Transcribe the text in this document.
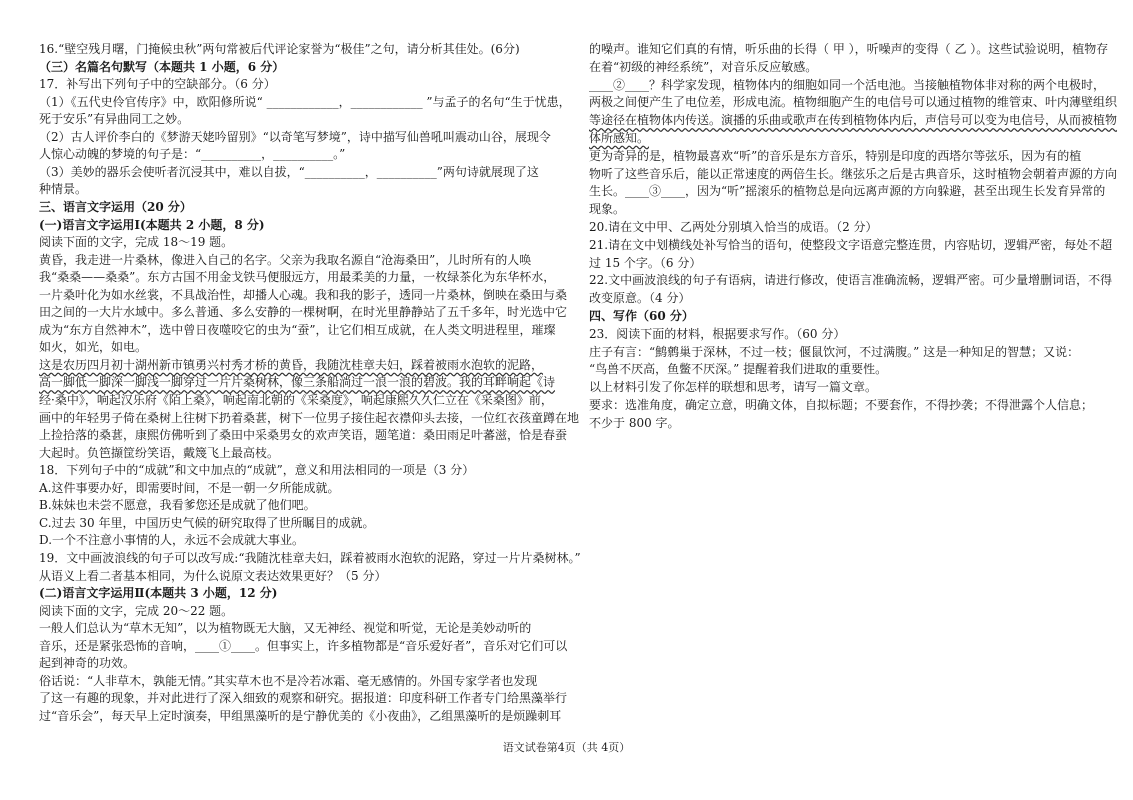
16.“壁空残月曙，门掩候虫秋”两句常被后代评论家誉为“极佳”之句，请分析其佳处。(6分)
（三）名篇名句默写（本题共 1 小题，6 分）
17．补写出下列句子中的空缺部分。（6 分）
（1）《五代史伶官传序》中，欧阳修所说“ ____________，____________ ”与孟子的名句“生于忧患，
死于安乐”有异曲同工之妙。
（2）古人评价李白的《梦游天姥吟留别》“以奇笔写梦境”，诗中描写仙兽吼叫震动山谷，展现令
人惊心动魄的梦境的句子是：“__________，__________。”
（3）美妙的器乐会使听者沉浸其中，难以自拔，“__________，__________”两句诗就展现了这
种情景。
三、语言文字运用（20 分）
(一)语言文字运用Ⅰ(本题共 2 小题，8 分)
阅读下面的文字，完成 18～19 题。
黄昏，我走进一片桑林，像进入自己的名字。父亲为我取名源自“沧海桑田”，儿时所有的人唤
我“桑桑——桑桑”。东方古国不用金戈铁马便服远方，用最柔美的力量，一枚绿茶化为东华杯水，
一片桑叶化为如水丝裳，不具战治性，却播人心魂。我和我的影子，透同一片桑林，倒映在桑田与桑
田之间的一大片水域中。多么普通、多么安静的一棵树啊，在时光里静静站了五千多年，时光选中它
成为“东方自然神木”，选中曾日夜噬咬它的虫为“蚕”，让它们相互成就，在人类文明进程里，璀璨
如火，如光，如电。
这是农历四月初十湖州新市镇勇兴村秀才桥的黄昏，我随沈桂章夫妇，踩着被雨水泡软的泥路，
高一脚低一脚深一脚浅一脚穿过一片片桑树林，像三条船淌过一浪一浪的碧波。我的耳畔响起《诗
经·桑中》，响起汉乐府《陌上桑》，响起南北朝的《采桑度》，响起康熙久久仁立在《采桑图》前，
画中的年轻男子倚在桑树上往树下扔着桑葚，树下一位男子接住起衣襟仰头去接，一位红衣孩童蹲在地
上捡拾落的桑葚，康熙仿佛听到了桑田中采桑男女的欢声笑语，题笔道：桑田雨足叶蕃滋，恰是春蚕
大起时。负笆撷筐纷笑语，戴篾飞上最高枝。
18．下列句子中的“成就”和文中加点的“成就”，意义和用法相同的一项是（3 分）
A.这件事要办好，即需要时间，不是一朝一夕所能成就。
B.妹妹也未尝不愿意，我看爹您还是成就了他们吧。
C.过去 30 年里，中国历史气候的研究取得了世所瞩目的成就。
D.一个不注意小事情的人，永远不会成就大事业。
19．文中画波浪线的句子可以改写成:“我随沈桂章夫妇，踩着被雨水泡软的泥路，穿过一片片桑树林。”
从语义上看二者基本相同，为什么说原文表达效果更好？（5 分）
(二)语言文字运用Ⅱ(本题共 3 小题，12 分)
阅读下面的文字，完成 20～22 题。
一般人们总认为“草木无知”，以为植物既无大脑，又无神经、视觉和听觉，无论是美妙动听的
音乐，还是紧张恐怖的音响，____①____。但事实上，许多植物都是“音乐爱好者”，音乐对它们可以
起到神奇的功效。
俗话说：“人非草木，孰能无情。”其实草木也不是冷若冰霜、毫无感情的。外国专家学者也发现
了这一有趣的现象，并对此进行了深入细致的观察和研究。据报道：印度科研工作者专门给黑藻举行
过“音乐会”，每天早上定时演奏，甲组黑藻听的是宁静优美的《小夜曲》，乙组黑藻听的是烦躁刺耳
的噪声。谁知它们真的有情，听乐曲的长得（ 甲 ），听噪声的变得（ 乙 ）。这些试验说明，植物存
在着“初级的神经系统”，对音乐反应敏感。
____②____？科学家发现，植物体内的细胞如同一个活电池。当接触植物体非对称的两个电极时，
两极之间便产生了电位差，形成电流。植物细胞产生的电信号可以通过植物的维管束、叶内薄壁组织
等途径在植物体内传送。演播的乐曲或歌声在传到植物体内后，声信号可以变为电信号，从而被植物
体所感知。
更为奇异的是，植物最喜欢“听”的音乐是东方音乐，特别是印度的西塔尔等弦乐，因为有的植
物听了这些音乐后，能以正常速度的两倍生长。继弦乐之后是古典音乐，这时植物会朝着声源的方向
生长。____③____，因为“听”摇滚乐的植物总是向远离声源的方向躲避，甚至出现生长发育异常的
现象。
20.请在文中甲、乙两处分别填入恰当的成语。（2 分）
21.请在文中划横线处补写恰当的语句，使整段文字语意完整连贯，内容贴切，逻辑严密，每处不超
过 15 个字。（6 分）
22.文中画波浪线的句子有语病，请进行修改，使语言准确流畅，逻辑严密。可少量增删词语，不得
改变原意。（4 分）
四、写作（60 分）
23．阅读下面的材料，根据要求写作。（60 分）
庄子有言：“鹪鹩巢于深林，不过一枝；偃鼠饮河，不过满腹。” 这是一种知足的智慧；又说：
“鸟兽不厌高，鱼鳖不厌深。” 提醒着我们进取的重要性。
以上材料引发了你怎样的联想和思考，请写一篇文章。
要求：选准角度，确定立意，明确文体，自拟标题；不要套作，不得抄袭；不得泄露个人信息；
不少于 800 字。
语文试卷第4页（共 4页）
